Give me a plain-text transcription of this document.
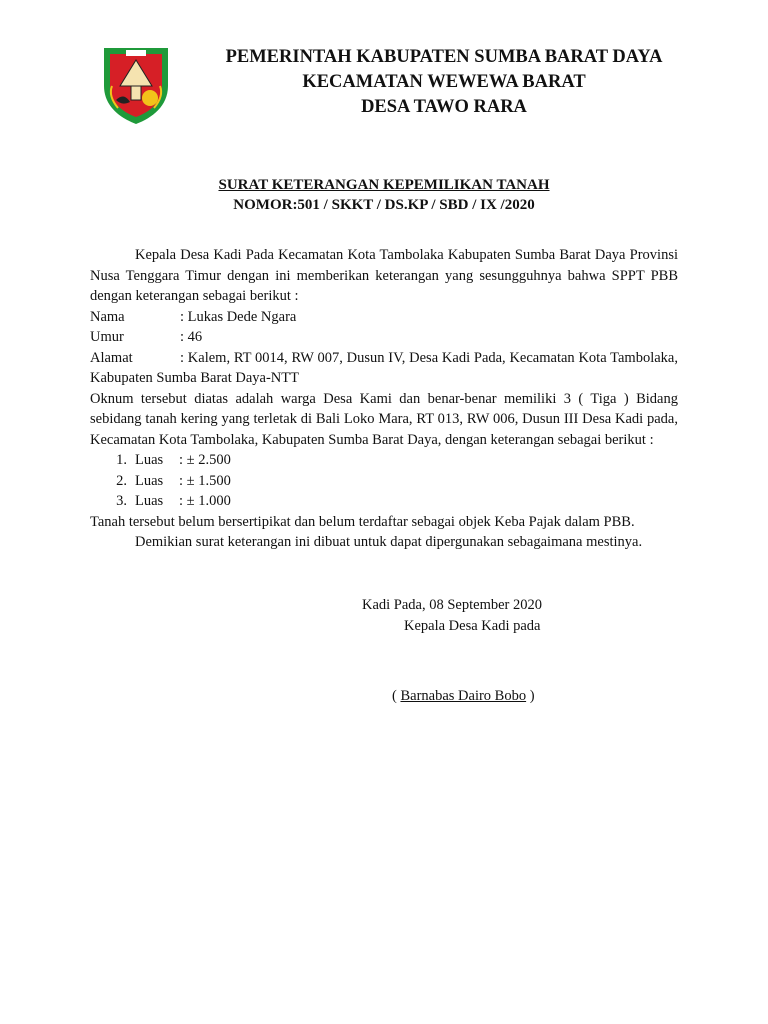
PEMERINTAH KABUPATEN SUMBA BARAT DAYA
KECAMATAN WEWEWA BARAT
DESA TAWO RARA
SURAT KETERANGAN KEPEMILIKAN TANAH
NOMOR:501 / SKKT / DS.KP / SBD / IX /2020

Kepala Desa Kadi Pada Kecamatan Kota Tambolaka Kabupaten Sumba Barat Daya Provinsi Nusa Tenggara Timur dengan ini memberikan keterangan yang sesungguhnya bahwa SPPT PBB dengan keterangan sebagai berikut :

Nama	: Lukas Dede Ngara
Umur	: 46

Alamat	: Kalem, RT 0014, RW 007, Dusun IV, Desa Kadi Pada, Kecamatan Kota Tambolaka, Kabupaten Sumba Barat Daya-NTT

Oknum tersebut diatas adalah warga Desa Kami dan benar-benar memiliki 3 ( Tiga ) Bidang sebidang tanah kering yang terletak di Bali Loko Mara, RT 013, RW 006, Dusun III Desa Kadi pada, Kecamatan Kota Tambolaka, Kabupaten Sumba Barat Daya, dengan keterangan sebagai berikut :

1. Luas	: ± 2.500
2. Luas	: ± 1.500
3. Luas	: ± 1.000

Tanah tersebut belum bersertipikat dan belum terdaftar sebagai objek Keba Pajak dalam PBB.

Demikian surat keterangan ini dibuat untuk dapat dipergunakan sebagaimana mestinya.

Kadi Pada, 08 September 2020
Kepala Desa Kadi pada
( Barnabas Dairo Bobo )
